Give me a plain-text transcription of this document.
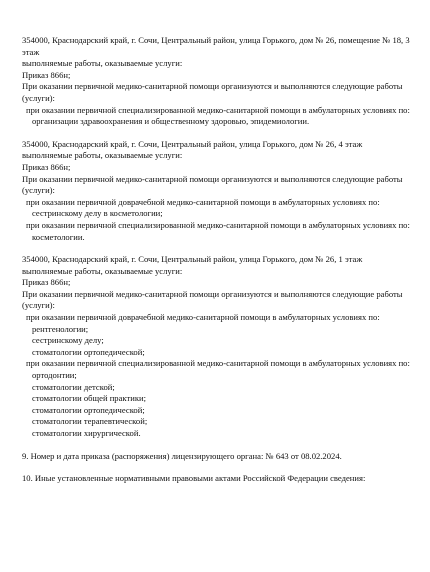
354000, Краснодарский край, г. Сочи, Центральный район, улица Горького, дом № 26, помещение № 18, 3 этаж
выполняемые работы, оказываемые услуги:
Приказ 866н;
При оказании первичной медико-санитарной помощи организуются и выполняются следующие работы (услуги):
при оказании первичной специализированной медико-санитарной помощи в амбулаторных условиях по:
организации здравоохранения и общественному здоровью, эпидемиологии.
354000, Краснодарский край, г. Сочи, Центральный район, улица Горького, дом № 26, 4 этаж
выполняемые работы, оказываемые услуги:
Приказ 866н;
При оказании первичной медико-санитарной помощи организуются и выполняются следующие работы (услуги):
при оказании первичной доврачебной медико-санитарной помощи в амбулаторных условиях по:
сестринскому делу в косметологии;
при оказании первичной специализированной медико-санитарной помощи в амбулаторных условиях по:
косметологии.
354000, Краснодарский край, г. Сочи, Центральный район, улица Горького, дом № 26, 1 этаж
выполняемые работы, оказываемые услуги:
Приказ 866н;
При оказании первичной медико-санитарной помощи организуются и выполняются следующие работы (услуги):
при оказании первичной доврачебной медико-санитарной помощи в амбулаторных условиях по:
рентгенологии;
сестринскому делу;
стоматологии ортопедической;
при оказании первичной специализированной медико-санитарной помощи в амбулаторных условиях по:
ортодонтии;
стоматологии детской;
стоматологии общей практики;
стоматологии ортопедической;
стоматологии терапевтической;
стоматологии хирургической.
9. Номер и дата приказа (распоряжения) лицензирующего органа: № 643 от 08.02.2024.
10. Иные установленные нормативными правовыми актами Российской Федерации сведения:
